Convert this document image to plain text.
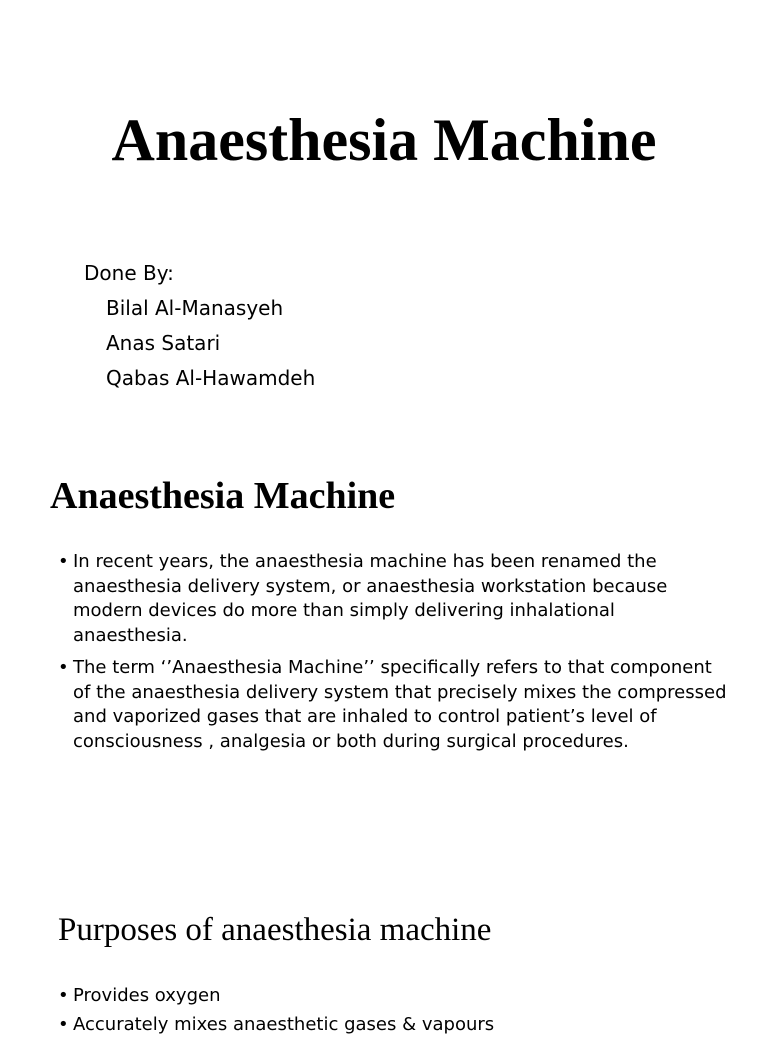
Anaesthesia Machine
Done By:
Bilal Al-Manasyeh
Anas Satari
Qabas Al-Hawamdeh
Anaesthesia Machine
• In recent years, the anaesthesia machine has been renamed the anaesthesia delivery system, or anaesthesia workstation because modern devices do more than simply delivering inhalational anaesthesia.
• The term ‘’Anaesthesia Machine’’ specifically refers to that component of the anaesthesia delivery system that precisely mixes the compressed and vaporized gases that are inhaled to control patient’s level of consciousness , analgesia or both during surgical procedures.
Purposes of anaesthesia machine
• Provides oxygen
• Accurately mixes anaesthetic gases & vapours
